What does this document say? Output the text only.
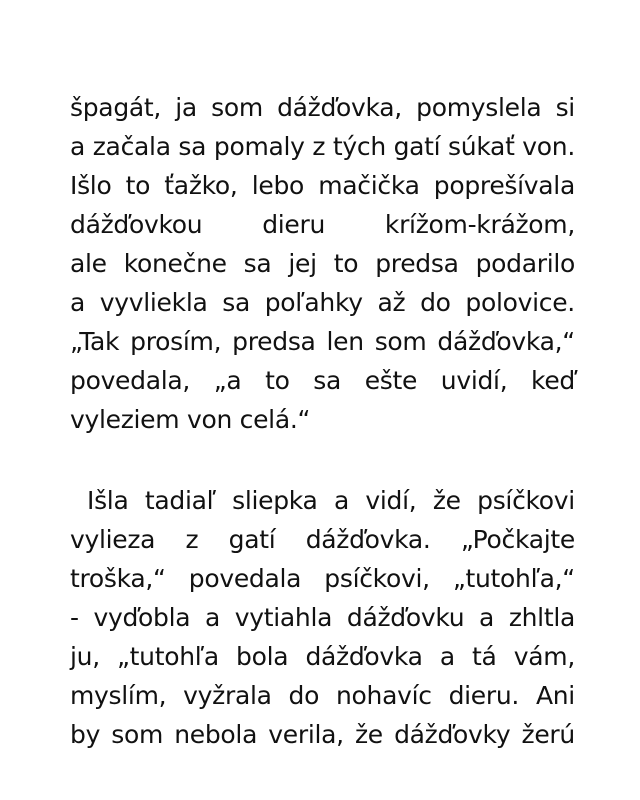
špagát, ja som dážďovka, pomyslela si
a začala sa pomaly z tých gatí súkať von.
Išlo to ťažko, lebo mačička poprešívala
dážďovkou dieru krížom-krážom,
ale konečne sa jej to predsa podarilo
a vyvliekla sa poľahky až do polovice.
„Tak prosím, predsa len som dážďovka,“
povedala, „a to sa ešte uvidí, keď
vyleziem von celá.“
Išla tadiaľ sliepka a vidí, že psíčkovi
vylieza z gatí dážďovka. „Počkajte
troška,“ povedala psíčkovi, „tutohľa,“
- vyďobla a vytiahla dážďovku a zhltla
ju, „tutohľa bola dážďovka a tá vám,
myslím, vyžrala do nohavíc dieru. Ani
by som nebola verila, že dážďovky žerú
